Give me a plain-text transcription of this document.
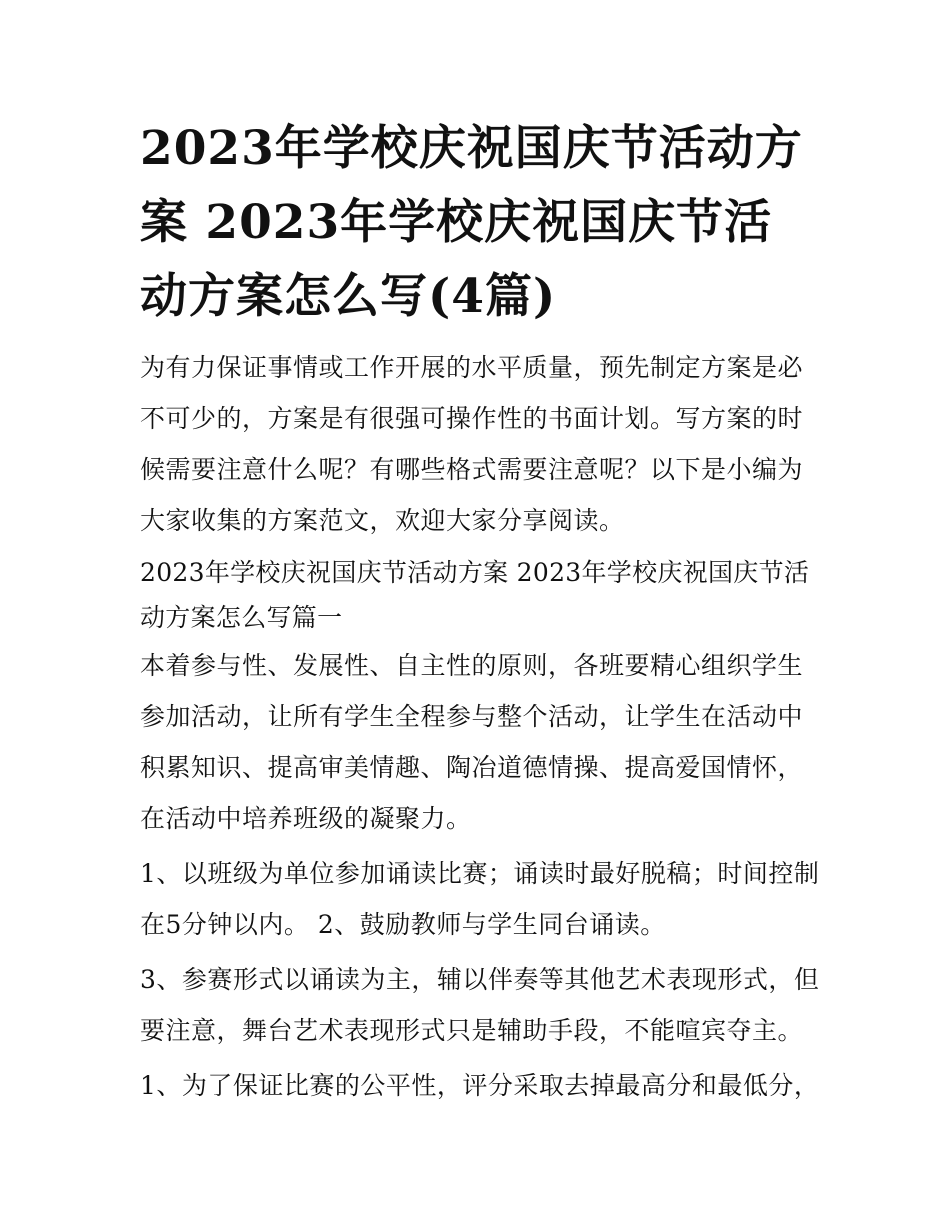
2023年学校庆祝国庆节活动方案 2023年学校庆祝国庆节活动方案怎么写(4篇)

为有力保证事情或工作开展的水平质量，预先制定方案是必不可少的，方案是有很强可操作性的书面计划。写方案的时候需要注意什么呢？有哪些格式需要注意呢？以下是小编为大家收集的方案范文，欢迎大家分享阅读。

2023年学校庆祝国庆节活动方案 2023年学校庆祝国庆节活动方案怎么写篇一

本着参与性、发展性、自主性的原则，各班要精心组织学生参加活动，让所有学生全程参与整个活动，让学生在活动中积累知识、提高审美情趣、陶冶道德情操、提高爱国情怀，在活动中培养班级的凝聚力。

1、以班级为单位参加诵读比赛；诵读时最好脱稿；时间控制在5分钟以内。 2、鼓励教师与学生同台诵读。

3、参赛形式以诵读为主，辅以伴奏等其他艺术表现形式，但要注意，舞台艺术表现形式只是辅助手段，不能喧宾夺主。

1、为了保证比赛的公平性，评分采取去掉最高分和最低分，
